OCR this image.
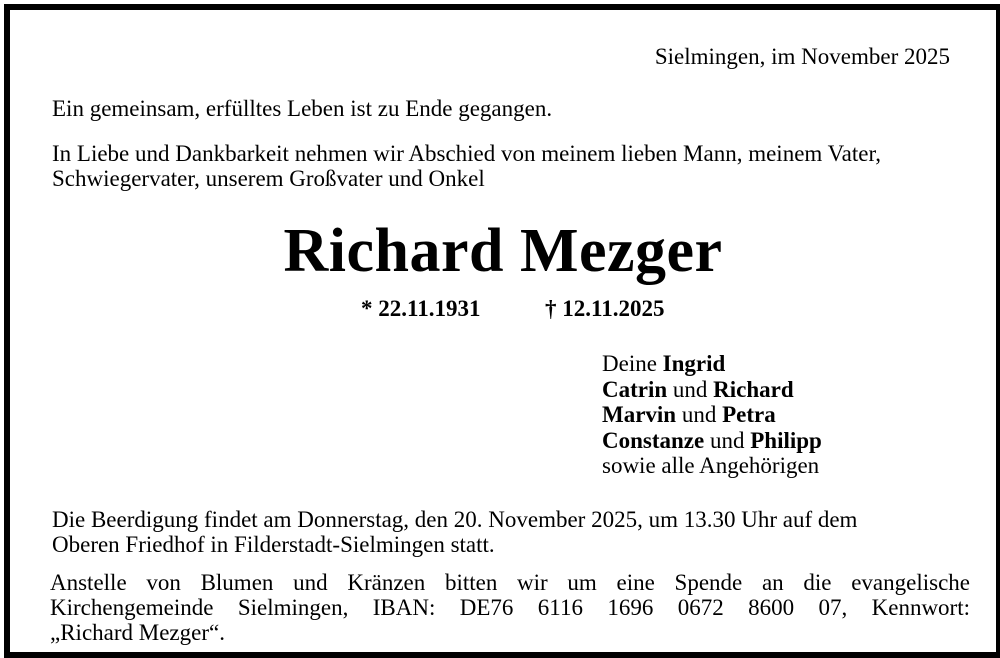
Sielmingen, im November 2025
Ein gemeinsam, erfülltes Leben ist zu Ende gegangen.
In Liebe und Dankbarkeit nehmen wir Abschied von meinem lieben Mann, meinem Vater,
Schwiegervater, unserem Großvater und Onkel
Richard Mezger
* 22.11.1931	† 12.11.2025
Deine Ingrid
Catrin und Richard
Marvin und Petra
Constanze und Philipp
sowie alle Angehörigen
Die Beerdigung findet am Donnerstag, den 20. November 2025, um 13.30 Uhr auf dem
Oberen Friedhof in Filderstadt-Sielmingen statt.
Anstelle von Blumen und Kränzen bitten wir um eine Spende an die evangelische
Kirchengemeinde Sielmingen, IBAN: DE76 6116 1696 0672 8600 07, Kennwort:
„Richard Mezger“.
